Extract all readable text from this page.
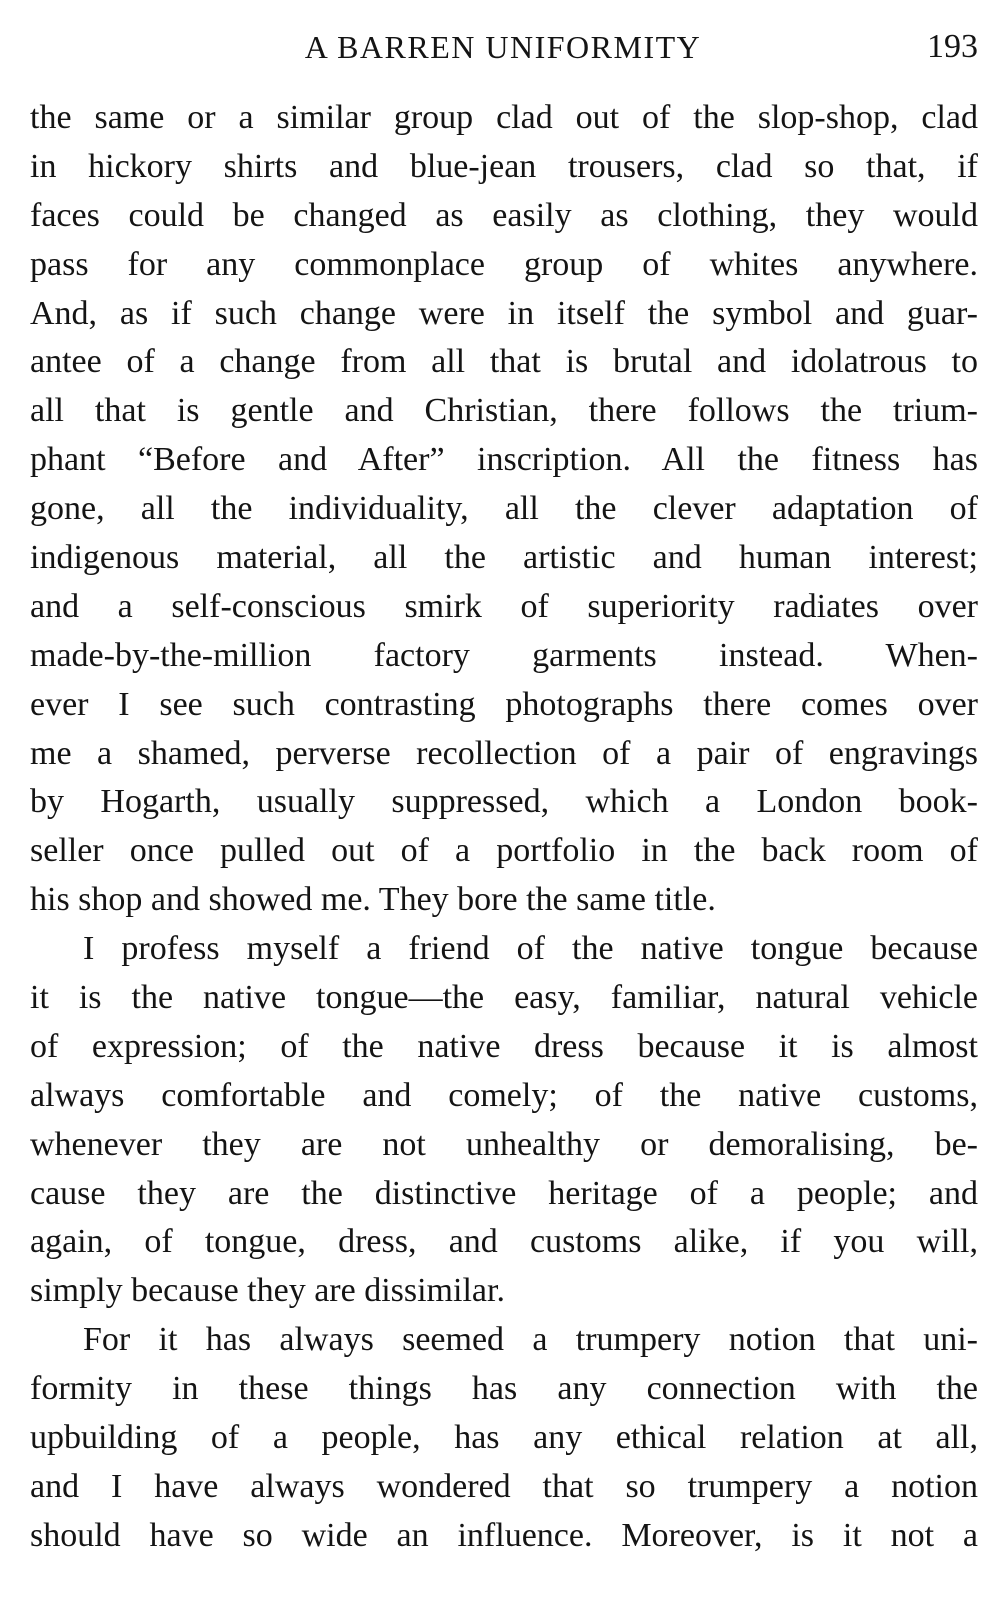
A BARREN UNIFORMITY	193
the same or a similar group clad out of the slop-shop, clad
in hickory shirts and blue-jean trousers, clad so that, if
faces could be changed as easily as clothing, they would
pass for any commonplace group of whites anywhere.
And, as if such change were in itself the symbol and guar-
antee of a change from all that is brutal and idolatrous to
all that is gentle and Christian, there follows the trium-
phant “Before and After” inscription. All the fitness has
gone, all the individuality, all the clever adaptation of
indigenous material, all the artistic and human interest;
and a self-conscious smirk of superiority radiates over
made-by-the-million factory garments instead. When-
ever I see such contrasting photographs there comes over
me a shamed, perverse recollection of a pair of engravings
by Hogarth, usually suppressed, which a London book-
seller once pulled out of a portfolio in the back room of
his shop and showed me. They bore the same title.
I profess myself a friend of the native tongue because
it is the native tongue—the easy, familiar, natural vehicle
of expression; of the native dress because it is almost
always comfortable and comely; of the native customs,
whenever they are not unhealthy or demoralising, be-
cause they are the distinctive heritage of a people; and
again, of tongue, dress, and customs alike, if you will,
simply because they are dissimilar.
For it has always seemed a trumpery notion that uni-
formity in these things has any connection with the
upbuilding of a people, has any ethical relation at all,
and I have always wondered that so trumpery a notion
should have so wide an influence. Moreover, is it not a
